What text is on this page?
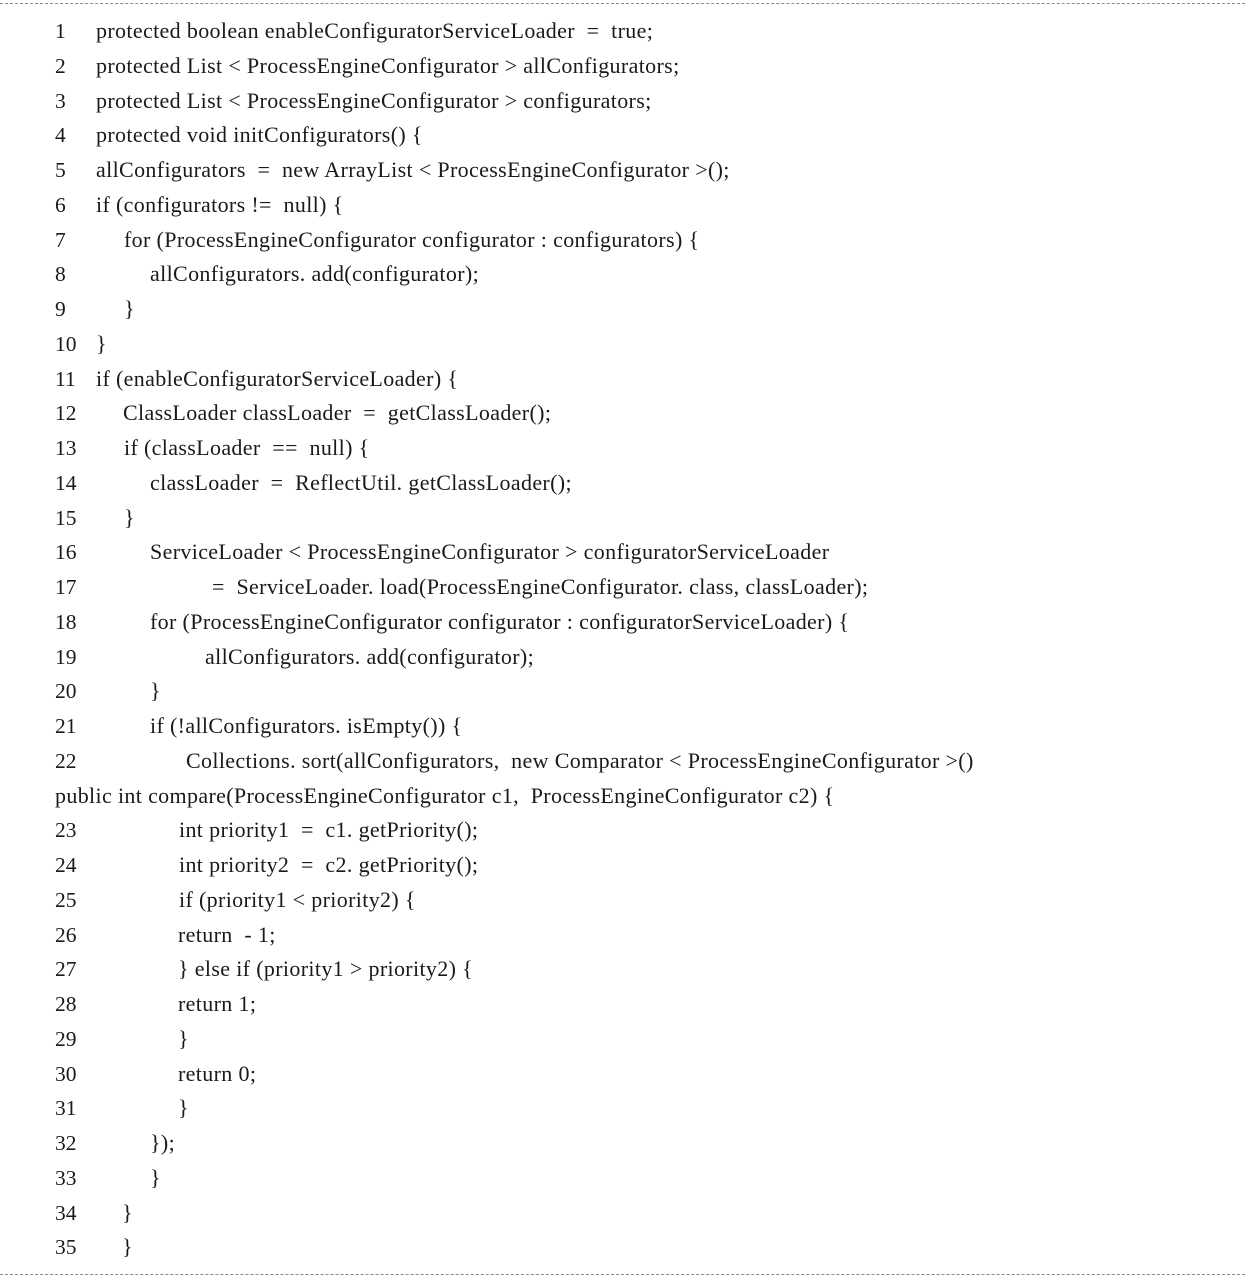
1 protected boolean enableConfiguratorServiceLoader  =  true;
2 protected List < ProcessEngineConfigurator > allConfigurators;
3 protected List < ProcessEngineConfigurator > configurators;
4 protected void initConfigurators() {
5 allConfigurators  =  new ArrayList < ProcessEngineConfigurator >();
6 if (configurators !=  null) {
7	for (ProcessEngineConfigurator configurator : configurators) {
8	allConfigurators. add(configurator);
9	}
10 }
11 if (enableConfiguratorServiceLoader) {
12 ClassLoader classLoader  =  getClassLoader();
13 if (classLoader  ==  null) {
14	classLoader  =  ReflectUtil. getClassLoader();
15 }
16	ServiceLoader < ProcessEngineConfigurator > configuratorServiceLoader
17	=  ServiceLoader. load(ProcessEngineConfigurator. class, classLoader);
18	for (ProcessEngineConfigurator configurator : configuratorServiceLoader) {
19	allConfigurators. add(configurator);
20	}
21	if (!allConfigurators. isEmpty()) {
22	Collections. sort(allConfigurators,  new Comparator < ProcessEngineConfigurator >()
public int compare(ProcessEngineConfigurator c1,  ProcessEngineConfigurator c2) {
23	int priority1  =  c1. getPriority();
24	int priority2  =  c2. getPriority();
25	if (priority1 < priority2) {
26	return  - 1;
27	} else if (priority1 > priority2) {
28	return 1;
29	}
30	return 0;
31	}
32	});
33	}
34 }
35 }
